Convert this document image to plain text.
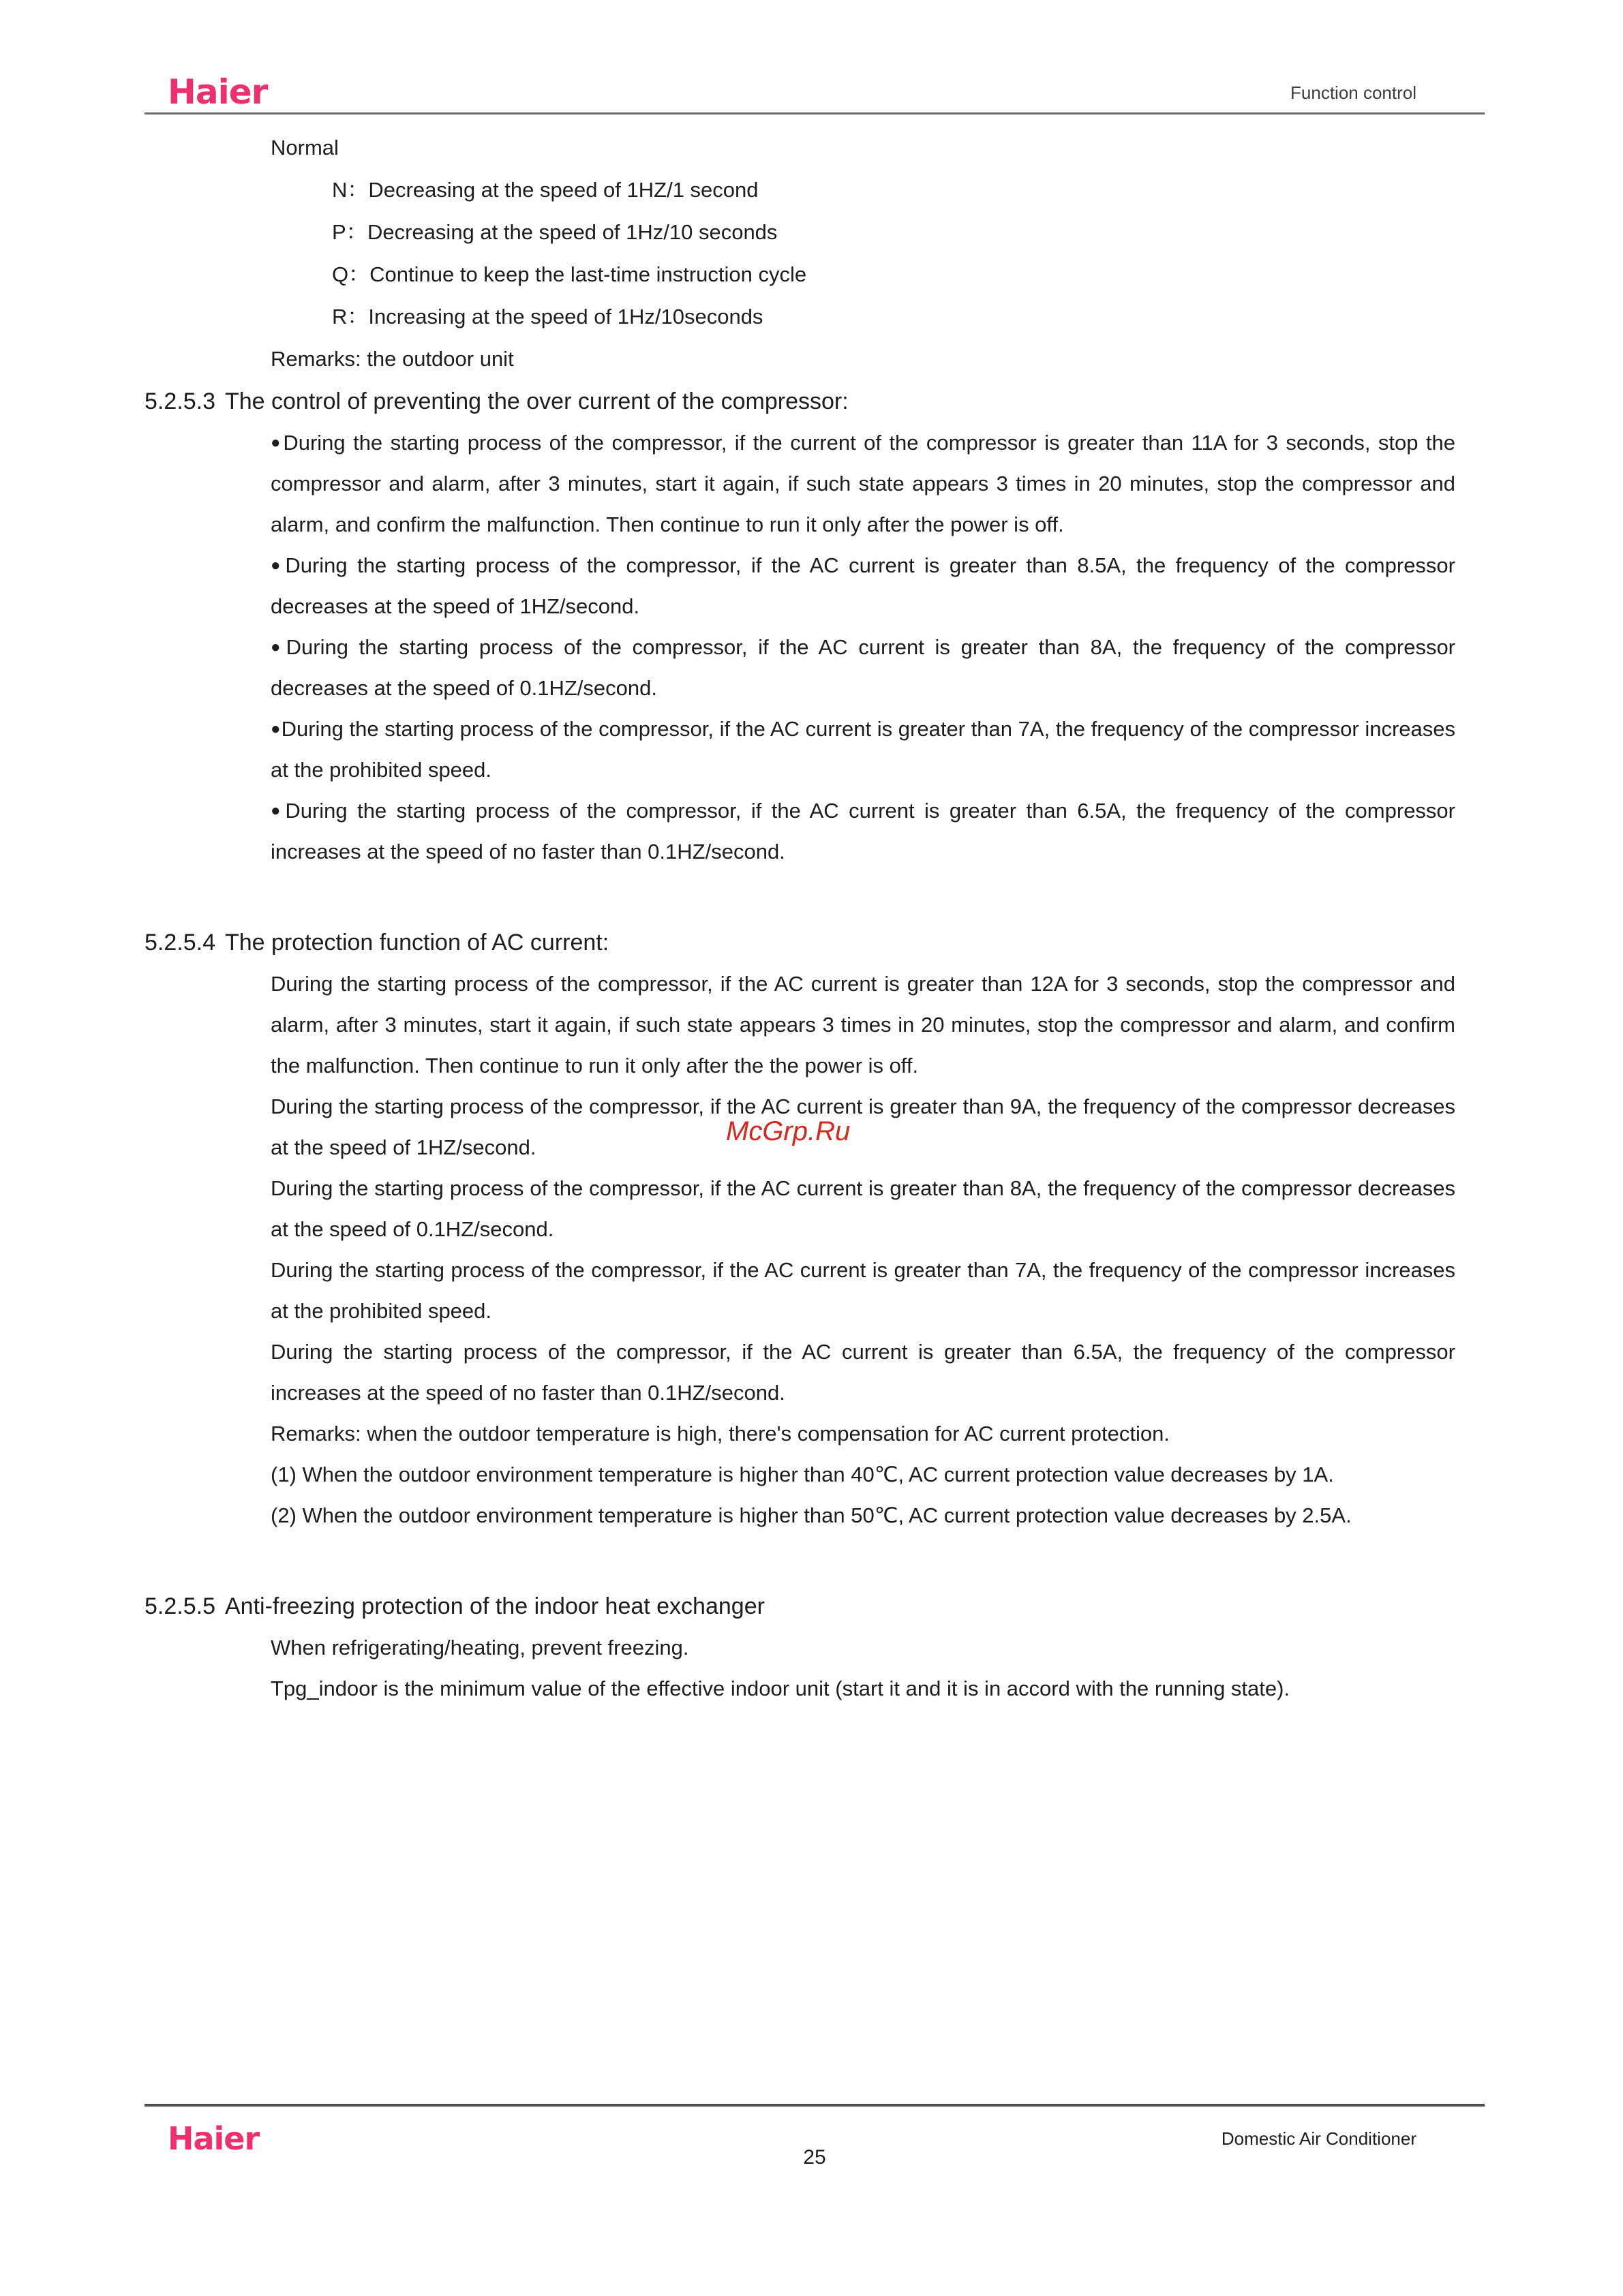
Haier	Function control
Normal
N：Decreasing at the speed of 1HZ/1 second
P：Decreasing at the speed of 1Hz/10 seconds
Q：Continue to keep the last-time instruction cycle
R：Increasing at the speed of 1Hz/10seconds
Remarks: the outdoor unit
5.2.5.3 The control of preventing the over current of the compressor:
●During the starting process of the compressor, if the current of the compressor is greater than 11A for 3 seconds, stop the compressor and alarm, after 3 minutes, start it again, if such state appears 3 times in 20 minutes, stop the compressor and alarm, and confirm the malfunction. Then continue to run it only after the power is off.
●During the starting process of the compressor, if the AC current is greater than 8.5A, the frequency of the compressor decreases at the speed of 1HZ/second.
●During the starting process of the compressor, if the AC current is greater than 8A, the frequency of the compressor decreases at the speed of 0.1HZ/second.
●During the starting process of the compressor, if the AC current is greater than 7A, the frequency of the compressor increases at the prohibited speed.
●During the starting process of the compressor, if the AC current is greater than 6.5A, the frequency of the compressor increases at the speed of no faster than 0.1HZ/second.
5.2.5.4 The protection function of AC current:
During the starting process of the compressor, if the AC current is greater than 12A for 3 seconds, stop the compressor and alarm, after 3 minutes, start it again, if such state appears 3 times in 20 minutes, stop the compressor and alarm, and confirm the malfunction. Then continue to run it only after the the power is off.
During the starting process of the compressor, if the AC current is greater than 9A, the frequency of the compressor decreases at the speed of 1HZ/second.
During the starting process of the compressor, if the AC current is greater than 8A, the frequency of the compressor decreases at the speed of 0.1HZ/second.
During the starting process of the compressor, if the AC current is greater than 7A, the frequency of the compressor increases at the prohibited speed.
During the starting process of the compressor, if the AC current is greater than 6.5A, the frequency of the compressor increases at the speed of no faster than 0.1HZ/second.
Remarks: when the outdoor temperature is high, there's compensation for AC current protection.
(1) When the outdoor environment temperature is higher than 40℃, AC current protection value decreases by 1A.
(2) When the outdoor environment temperature is higher than 50℃, AC current protection value decreases by 2.5A.
5.2.5.5 Anti-freezing protection of the indoor heat exchanger
When refrigerating/heating, prevent freezing.
Tpg_indoor is the minimum value of the effective indoor unit (start it and it is in accord with the running state).
McGrp.Ru
Haier
25
Domestic Air Conditioner
